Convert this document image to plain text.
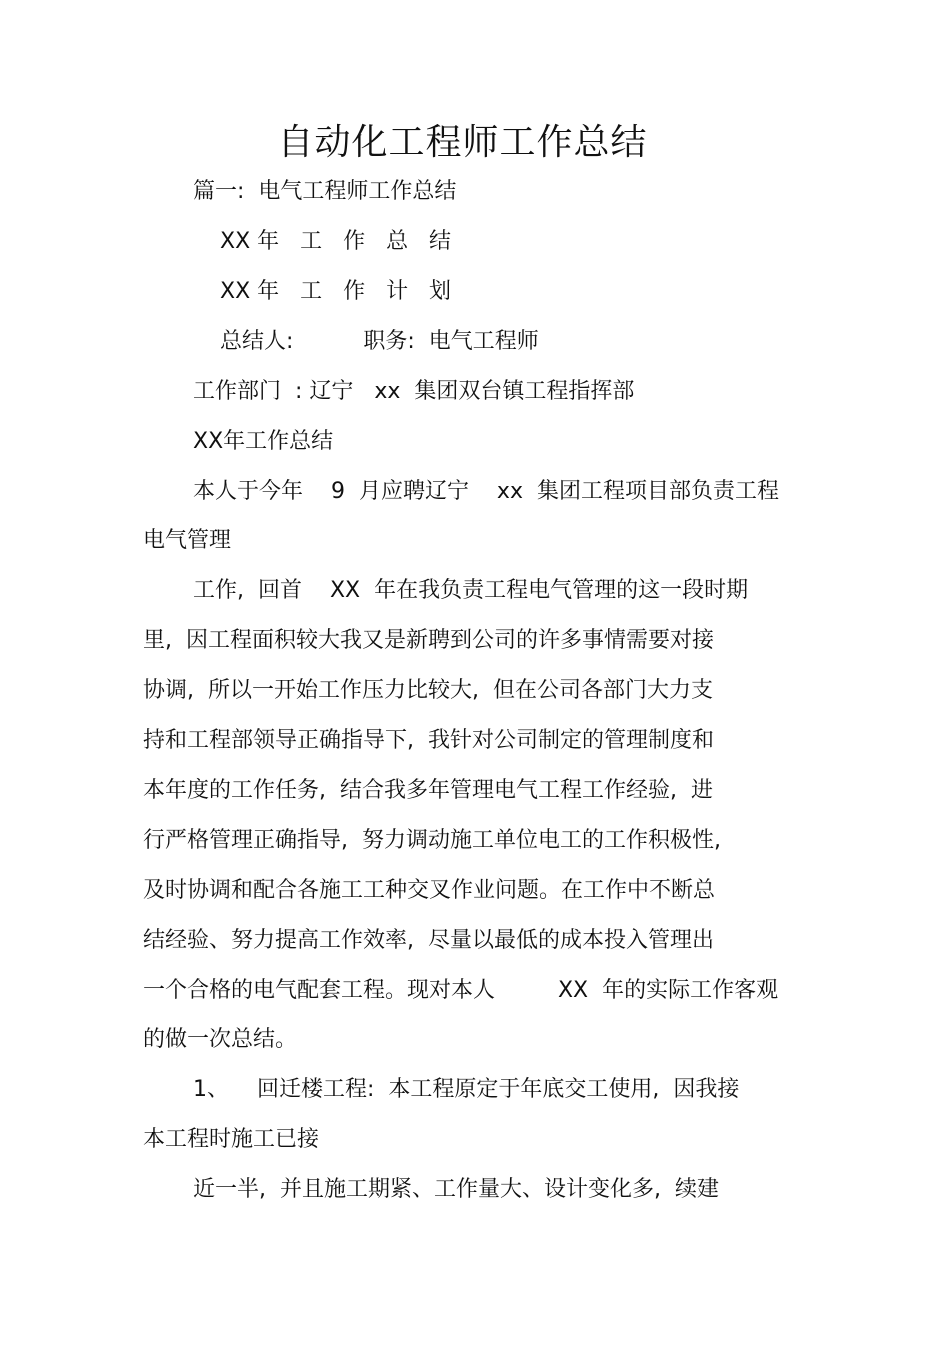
自动化工程师工作总结
篇一:  电气工程师工作总结
XX 年   工   作   总   结
XX 年   工   作   计   划
总结人:          职务:  电气工程师
工作部门  : 辽宁   xx  集团双台镇工程指挥部
XX年工作总结
本人于今年    9  月应聘辽宁    xx  集团工程项目部负责工程
电气管理
工作,  回首    XX  年在我负责工程电气管理的这一段时期
里,  因工程面积较大我又是新聘到公司的许多事情需要对接
协调,  所以一开始工作压力比较大,  但在公司各部门大力支
持和工程部领导正确指导下,  我针对公司制定的管理制度和
本年度的工作任务,  结合我多年管理电气工程工作经验,  进
行严格管理正确指导,  努力调动施工单位电工的工作积极性,
及时协调和配合各施工工种交叉作业问题。在工作中不断总
结经验、努力提高工作效率,  尽量以最低的成本投入管理出
一个合格的电气配套工程。现对本人         XX  年的实际工作客观
的做一次总结。
1、    回迁楼工程:  本工程原定于年底交工使用,  因我接
本工程时施工已接
近一半,  并且施工期紧、工作量大、设计变化多,  续建
